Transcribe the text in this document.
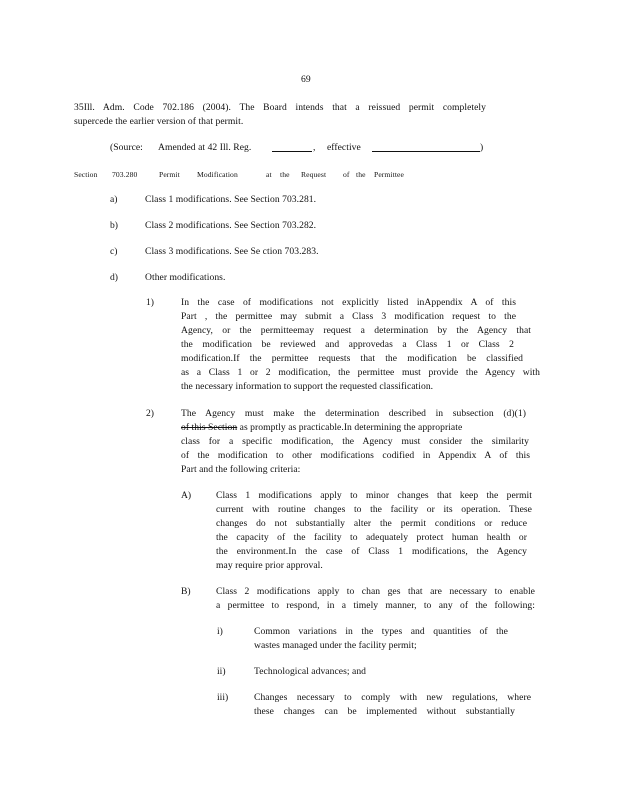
69
35Ill. Adm. Code 702.186 (2004). The Board intends that a reissued permit completely
supercede the earlier version of that permit.
(Source: Amended at 42 Ill. Reg.	, effective	)
Section 703.280	Permit Modification	at the Request of the Permittee
a)	Class 1 modifications. See Section 703.281.
b)	Class 2 modifications. See Section 703.282.
c)	Class 3 modifications. See Se ction 703.283.
d)	Other modifications.
1)	In the case of modifications not explicitly listed inAppendix A of this
Part , the permittee may submit a Class 3 modification request to the
Agency, or the permitteemay request a determination by the Agency that
the modification be reviewed and approvedas a Class 1 or Class 2
modification.If the permittee requests that the modification be classified
as a Class 1 or 2 modification, the permittee must provide the Agency with
the necessary information to support the requested classification.
2)	The Agency must make the determination described in subsection (d)(1)
of this Section as promptly as practicable.In determining the appropriate
class for a specific modification, the Agency must consider the similarity
of the modification to other modifications codified in Appendix A of this
Part and the following criteria:
A)	Class 1 modifications apply to minor changes that keep the permit
current with routine changes to the facility or its operation. These
changes do not substantially alter the permit conditions or reduce
the capacity of the facility to adequately protect human health or
the environment.In the case of Class 1 modifications, the Agency
may require prior approval.
B)	Class 2 modifications apply to chan ges that are necessary to enable
a permittee to respond, in a timely manner, to any of the following:
i)	Common variations in the types and quantities of the
wastes managed under the facility permit;
ii)	Technological advances; and
iii)	Changes necessary to comply with new regulations, where
these changes can be implemented without substantially
